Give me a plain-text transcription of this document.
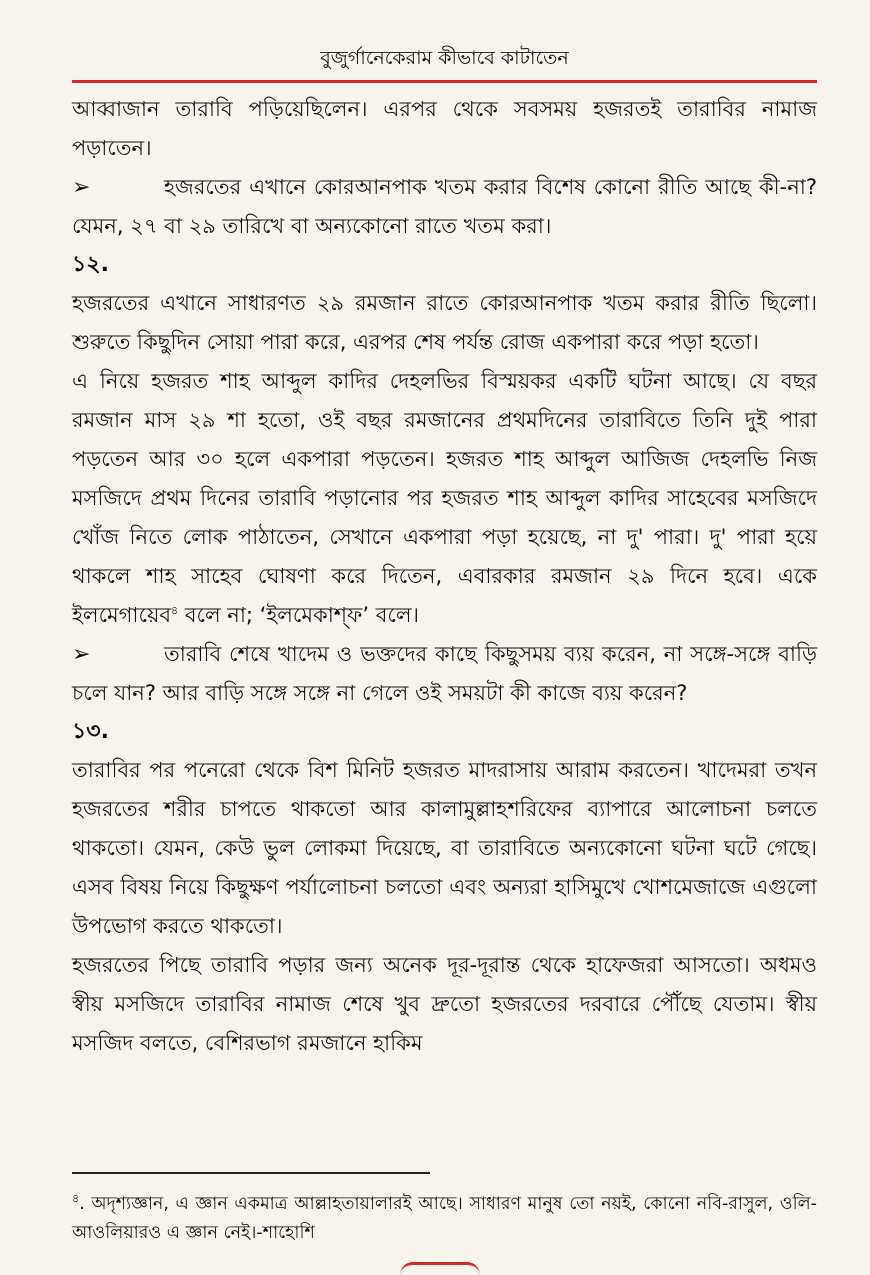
বুজুর্গানেকেরাম কীভাবে কাটাতেন

আব্বাজান তারাবি পড়িয়েছিলেন। এরপর থেকে সবসময় হজরতই তারাবির নামাজ পড়াতেন।

➢	হজরতের এখানে কোরআনপাক খতম করার বিশেষ কোনো রীতি আছে কী-না? যেমন, ২৭ বা ২৯ তারিখে বা অন্যকোনো রাতে খতম করা।

১২.

হজরতের এখানে সাধারণত ২৯ রমজান রাতে কোরআনপাক খতম করার রীতি ছিলো। শুরুতে কিছুদিন সোয়া পারা করে, এরপর শেষ পর্যন্ত রোজ একপারা করে পড়া হতো।

এ নিয়ে হজরত শাহ আব্দুল কাদির দেহলভির বিস্ময়কর একটি ঘটনা আছে। যে বছর রমজান মাস ২৯ শা হতো, ওই বছর রমজানের প্রথমদিনের তারাবিতে তিনি দুই পারা পড়তেন আর ৩০ হলে একপারা পড়তেন। হজরত শাহ আব্দুল আজিজ দেহলভি নিজ মসজিদে প্রথম দিনের তারাবি পড়ানোর পর হজরত শাহ আব্দুল কাদির সাহেবের মসজিদে খোঁজ নিতে লোক পাঠাতেন, সেখানে একপারা পড়া হয়েছে, না দু' পারা। দু' পারা হয়ে থাকলে শাহ সাহেব ঘোষণা করে দিতেন, এবারকার রমজান ২৯ দিনে হবে। একে ইলমেগায়েব$^৪$ বলে না; ‘ইলমেকাশ্‌ফ’ বলে।

➢	তারাবি শেষে খাদেম ও ভক্তদের কাছে কিছুসময় ব্যয় করেন, না সঙ্গে-সঙ্গে বাড়ি চলে যান? আর বাড়ি সঙ্গে সঙ্গে না গেলে ওই সময়টা কী কাজে ব্যয় করেন?

১৩.

তারাবির পর পনেরো থেকে বিশ মিনিট হজরত মাদরাসায় আরাম করতেন। খাদেমরা তখন হজরতের শরীর চাপতে থাকতো আর কালামুল্লাহশরিফের ব্যাপারে আলোচনা চলতে থাকতো। যেমন, কেউ ভুল লোকমা দিয়েছে, বা তারাবিতে অন্যকোনো ঘটনা ঘটে গেছে। এসব বিষয় নিয়ে কিছুক্ষণ পর্যালোচনা চলতো এবং অন্যরা হাসিমুখে খোশমেজাজে এগুলো উপভোগ করতে থাকতো।

হজরতের পিছে তারাবি পড়ার জন্য অনেক দূর-দূরান্ত থেকে হাফেজরা আসতো। অধমও স্বীয় মসজিদে তারাবির নামাজ শেষে খুব দ্রুতো হজরতের দরবারে পৌঁছে যেতাম। স্বীয় মসজিদ বলতে, বেশিরভাগ রমজানে হাকিম

$^৪$. অদৃশ্যজ্ঞান, এ জ্ঞান একমাত্র আল্লাহতায়ালারই আছে। সাধারণ মানুষ তো নয়ই, কোনো নবি-রাসুল, ওলি-আওলিয়ারও এ জ্ঞান নেই।-শাহোশি
